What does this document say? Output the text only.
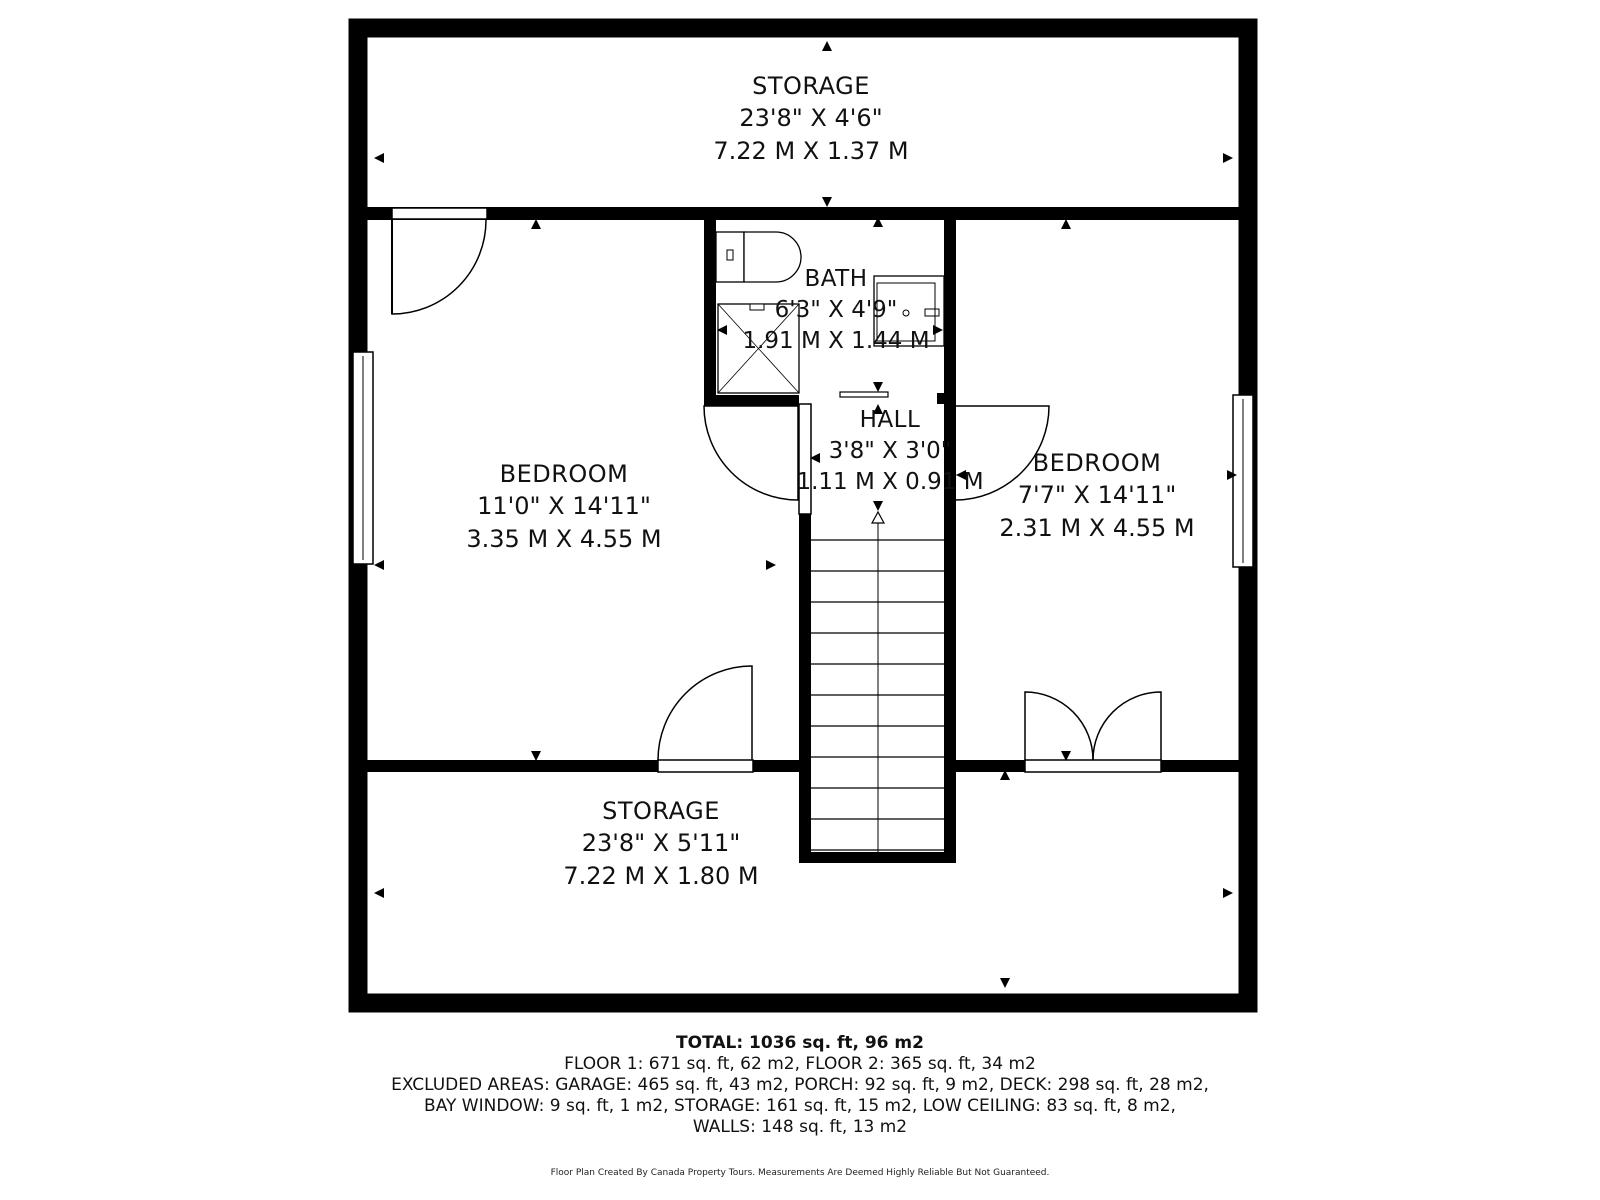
STORAGE
23'8" X 4'6"
7.22 M X 1.37 M
BEDROOM
11'0" X 14'11"
3.35 M X 4.55 M
BATH
6'3" X 4'9"
1.91 M X 1.44 M
HALL
3'8" X 3'0"
1.11 M X 0.91 M
BEDROOM
7'7" X 14'11"
2.31 M X 4.55 M
STORAGE
23'8" X 5'11"
7.22 M X 1.80 M
TOTAL: 1036 sq. ft, 96 m2
FLOOR 1: 671 sq. ft, 62 m2, FLOOR 2: 365 sq. ft, 34 m2
EXCLUDED AREAS: GARAGE: 465 sq. ft, 43 m2, PORCH: 92 sq. ft, 9 m2, DECK: 298 sq. ft, 28 m2,
BAY WINDOW: 9 sq. ft, 1 m2, STORAGE: 161 sq. ft, 15 m2, LOW CEILING: 83 sq. ft, 8 m2,
WALLS: 148 sq. ft, 13 m2
Floor Plan Created By Canada Property Tours. Measurements Are Deemed Highly Reliable But Not Guaranteed.
